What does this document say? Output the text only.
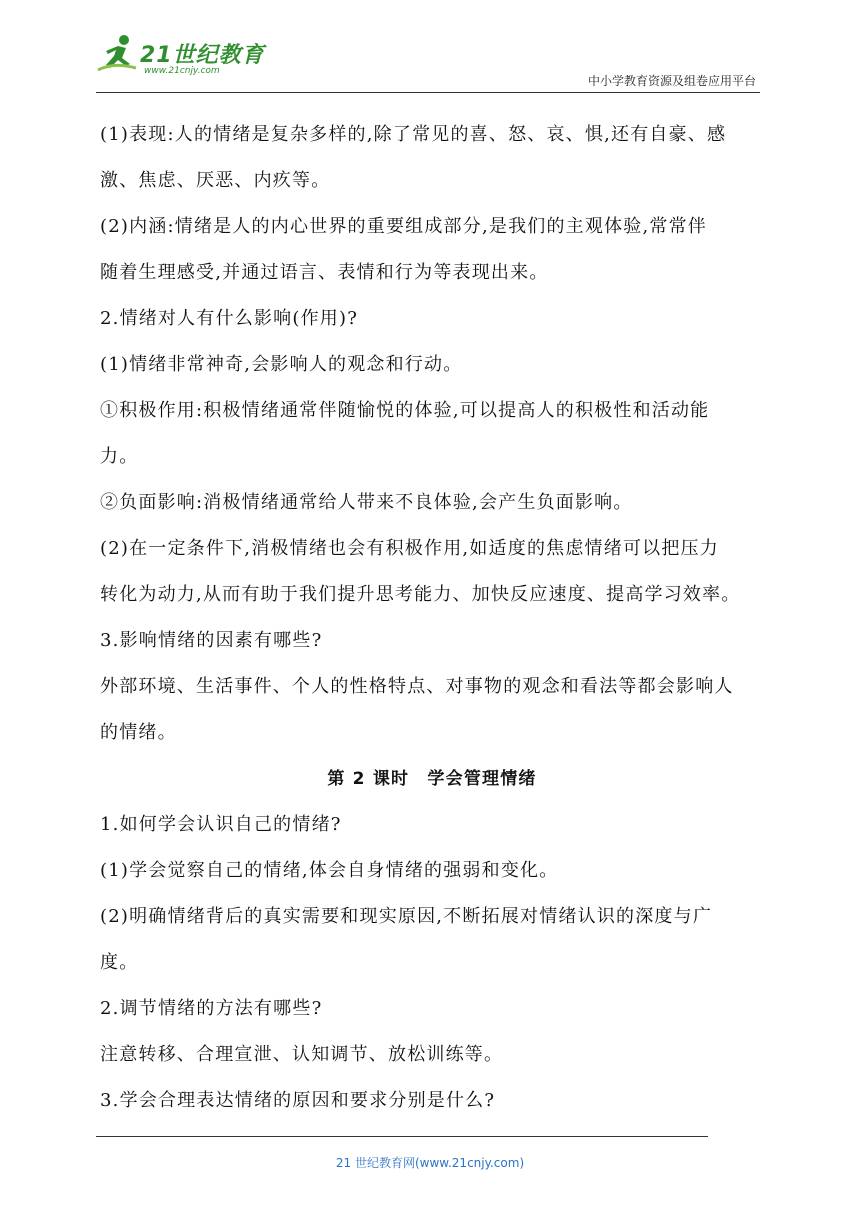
21世纪教育
www.21cnjy.com
中小学教育资源及组卷应用平台

(1)表现:人的情绪是复杂多样的,除了常见的喜、怒、哀、惧,还有自豪、感

激、焦虑、厌恶、内疚等。

(2)内涵:情绪是人的内心世界的重要组成部分,是我们的主观体验,常常伴

随着生理感受,并通过语言、表情和行为等表现出来。

2.情绪对人有什么影响(作用)?

(1)情绪非常神奇,会影响人的观念和行动。

①积极作用:积极情绪通常伴随愉悦的体验,可以提高人的积极性和活动能

力。

②负面影响:消极情绪通常给人带来不良体验,会产生负面影响。

(2)在一定条件下,消极情绪也会有积极作用,如适度的焦虑情绪可以把压力

转化为动力,从而有助于我们提升思考能力、加快反应速度、提高学习效率。

3.影响情绪的因素有哪些?

外部环境、生活事件、个人的性格特点、对事物的观念和看法等都会影响人

的情绪。

第 2 课时　学会管理情绪

1.如何学会认识自己的情绪?

(1)学会觉察自己的情绪,体会自身情绪的强弱和变化。

(2)明确情绪背后的真实需要和现实原因,不断拓展对情绪认识的深度与广

度。

2.调节情绪的方法有哪些?

注意转移、合理宣泄、认知调节、放松训练等。

3.学会合理表达情绪的原因和要求分别是什么?

21 世纪教育网(www.21cnjy.com)
